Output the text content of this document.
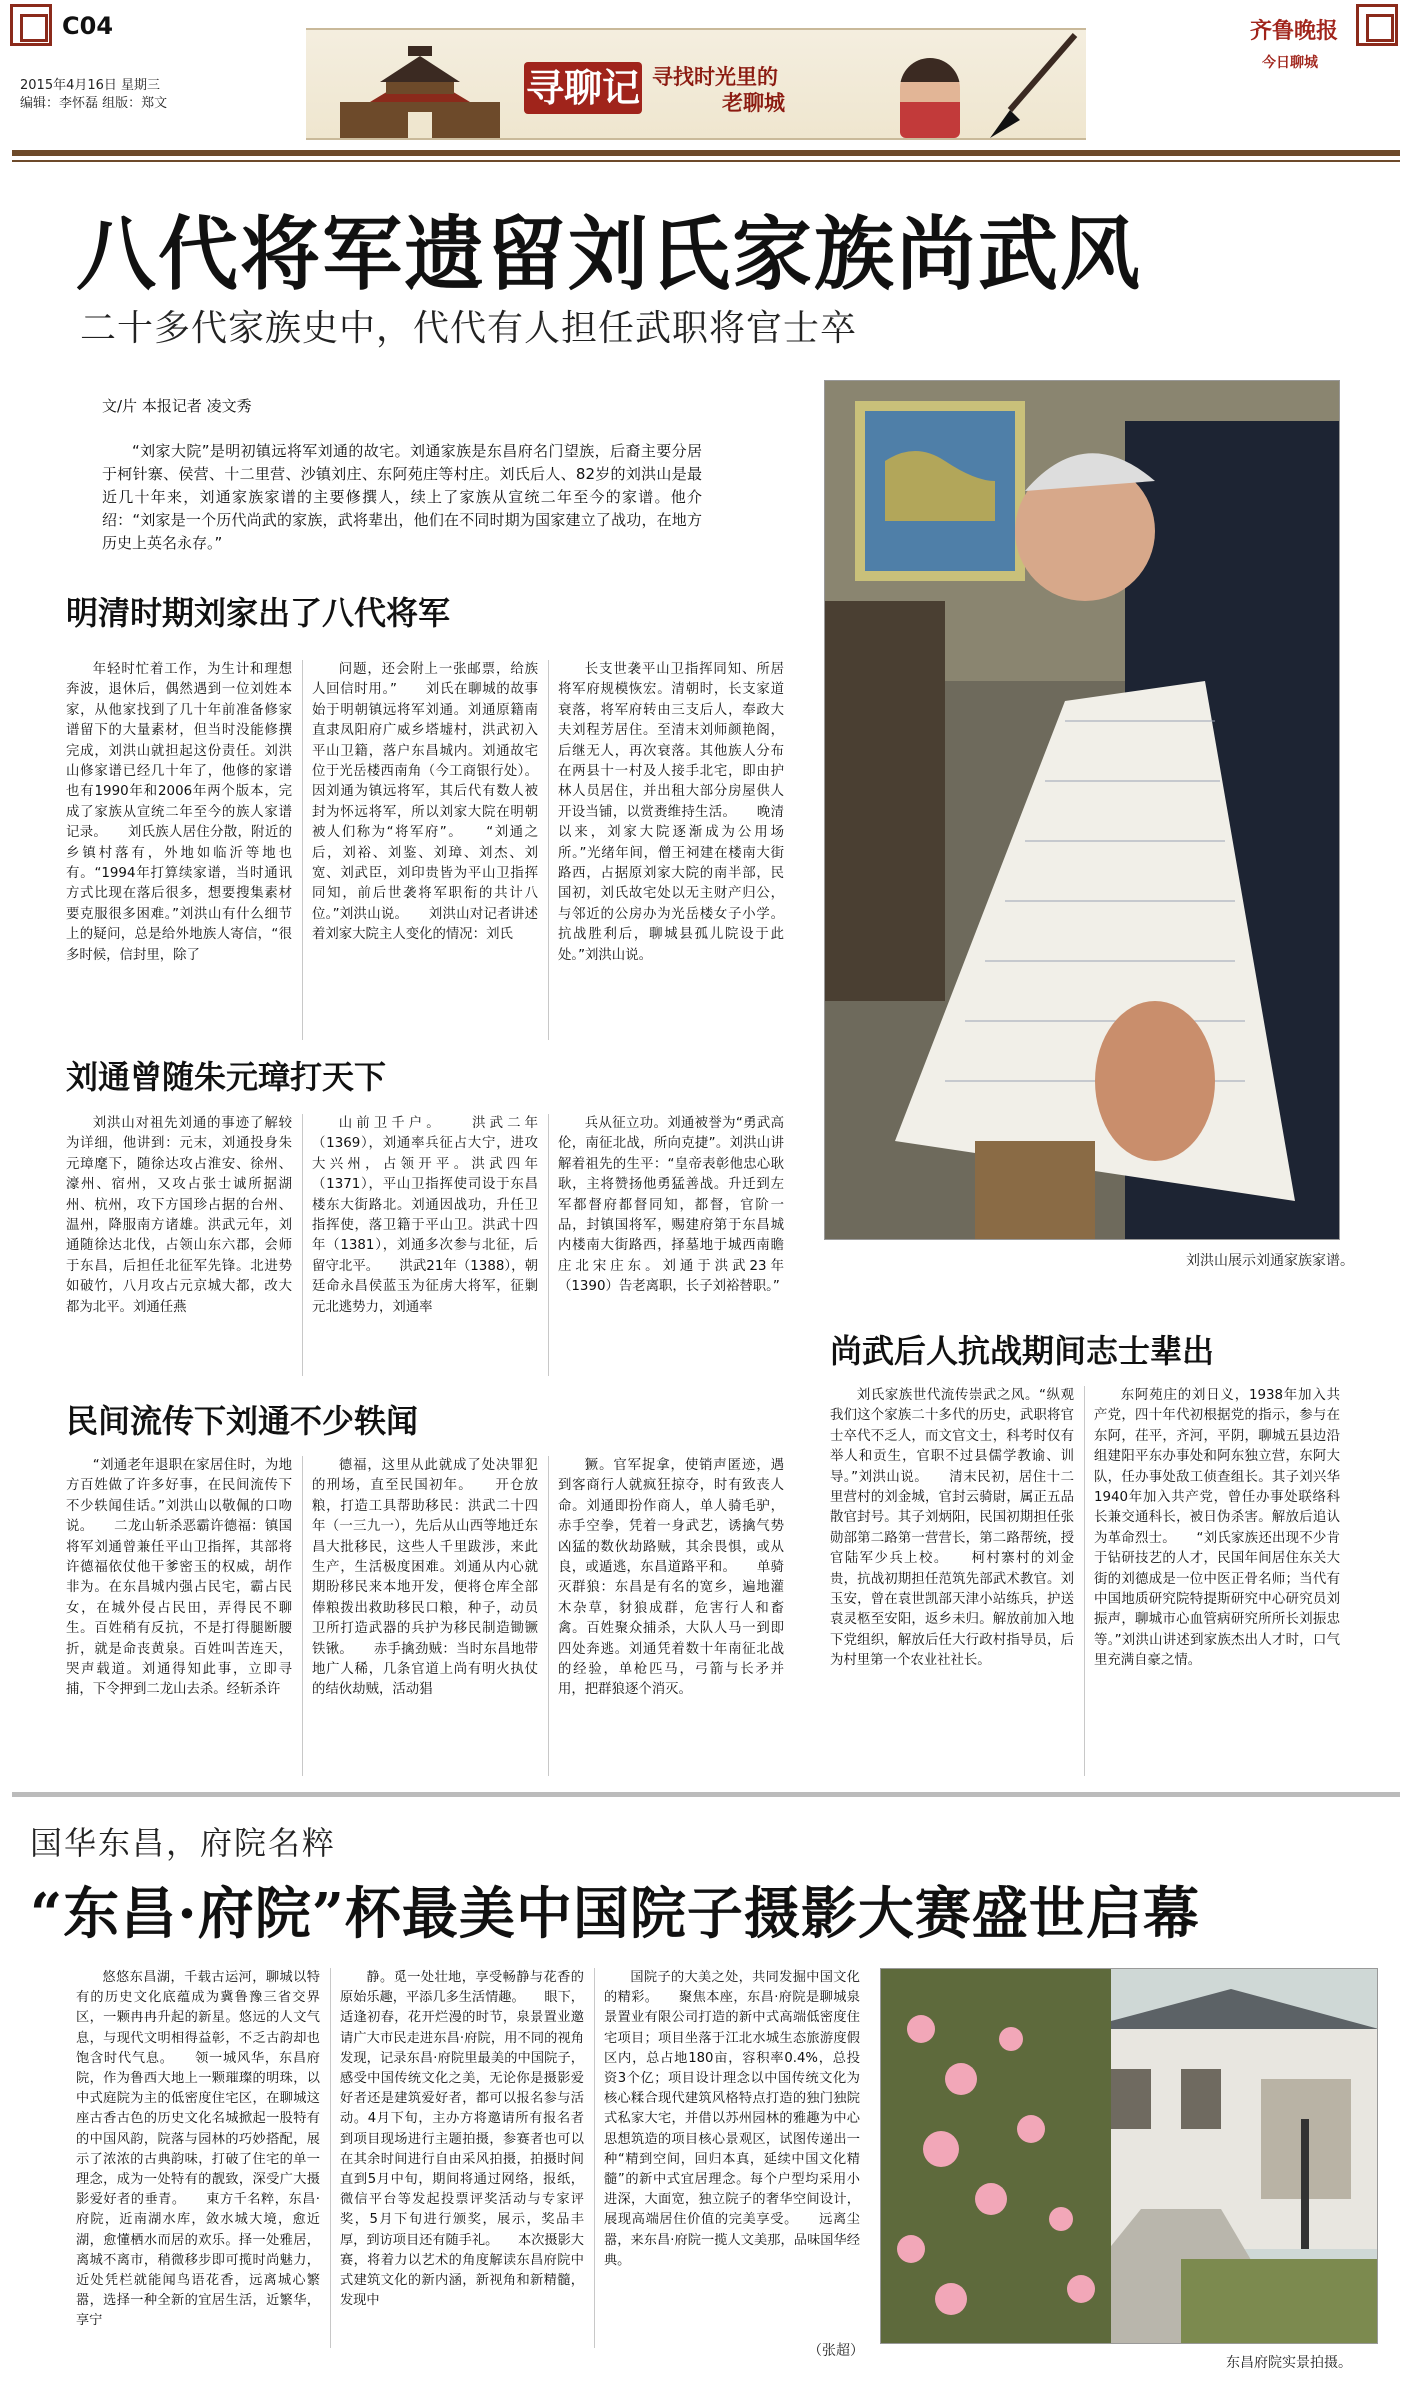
C04
2015年4月16日 星期三
编辑：李怀磊 组版：郑文	寻聊记 寻找时光里的
老聊城
齐鲁晚报
今日聊城
八代将军遗留刘氏家族尚武风
二十多代家族史中，代代有人担任武职将官士卒
文/片 本报记者 凌文秀
“刘家大院”是明初镇远将军刘通的故宅。刘通家族是东昌府名门望族，后裔主要分居于柯针寨、侯营、十二里营、沙镇刘庄、东阿苑庄等村庄。刘氏后人、82岁的刘洪山是最近几十年来，刘通家族家谱的主要修撰人，续上了家族从宣统二年至今的家谱。他介绍：“刘家是一个历代尚武的家族，武将辈出，他们在不同时期为国家建立了战功，在地方历史上英名永存。”
刘洪山展示刘通家族家谱。
明清时期刘家出了八代将军

年轻时忙着工作，为生计和理想奔波，退休后，偶然遇到一位刘姓本家，从他家找到了几十年前准备修家谱留下的大量素材，但当时没能修撰完成，刘洪山就担起这份责任。刘洪山修家谱已经几十年了，他修的家谱也有1990年和2006年两个版本，完成了家族从宣统二年至今的族人家谱记录。　　刘氏族人居住分散，附近的乡镇村落有，外地如临沂等地也有。“1994年打算续家谱，当时通讯方式比现在落后很多，想要搜集素材要克服很多困难。”刘洪山有什么细节上的疑问，总是给外地族人寄信，“很多时候，信封里，除了

问题，还会附上一张邮票，给族人回信时用。”　　刘氏在聊城的故事始于明朝镇远将军刘通。刘通原籍南直隶凤阳府广威乡塔墟村，洪武初入平山卫籍，落户东昌城内。刘通故宅位于光岳楼西南角（今工商银行处）。因刘通为镇远将军，其后代有数人被封为怀远将军，所以刘家大院在明朝被人们称为“将军府”。　　“刘通之后，刘裕、刘鉴、刘璋、刘杰、刘宽、刘武臣，刘印贵皆为平山卫指挥同知，前后世袭将军职衔的共计八位。”刘洪山说。　　刘洪山对记者讲述着刘家大院主人变化的情况：刘氏

长支世袭平山卫指挥同知、所居将军府规模恢宏。清朝时，长支家道衰落，将军府转由三支后人，奉政大夫刘程芳居住。至清末刘师颜艳阁，后继无人，再次衰落。其他族人分布在两县十一村及人接手北宅，即由护林人员居住，并出租大部分房屋供人开设当铺，以赏赉维持生活。　　晚清以来，刘家大院逐渐成为公用场所。”光绪年间，僧王祠建在楼南大街路西，占据原刘家大院的南半部，民国初，刘氏故宅处以无主财产归公，与邻近的公房办为光岳楼女子小学。抗战胜利后，聊城县孤儿院设于此处。”刘洪山说。

刘通曾随朱元璋打天下

刘洪山对祖先刘通的事迹了解较为详细，他讲到：元末，刘通投身朱元璋麾下，随徐达攻占淮安、徐州、濠州、宿州，又攻占张士诚所据湖州、杭州，攻下方国珍占据的台州、温州，降服南方诸雄。洪武元年，刘通随徐达北伐，占领山东六郡，会师于东昌，后担任北征军先锋。北进势如破竹，八月攻占元京城大都，改大都为北平。刘通任燕

山前卫千户。　　洪武二年（1369），刘通率兵征占大宁，进攻大兴州，占领开平。洪武四年（1371），平山卫指挥使司设于东昌楼东大街路北。刘通因战功，升任卫指挥使，落卫籍于平山卫。洪武十四年（1381），刘通多次参与北征，后留守北平。　　洪武21年（1388），朝廷命永昌侯蓝玉为征虏大将军，征剿元北逃势力，刘通率

兵从征立功。刘通被誉为“勇武高伦，南征北战，所向克捷”。刘洪山讲解着祖先的生平：“皇帝表彰他忠心耿耿，主将赞扬他勇猛善战。升迁到左军都督府都督同知，都督，官阶一品，封镇国将军，赐建府第于东昌城内楼南大街路西，择墓地于城西南瞻庄北宋庄东。刘通于洪武23年（1390）告老离职，长子刘裕替职。”

民间流传下刘通不少轶闻

“刘通老年退职在家居住时，为地方百姓做了许多好事，在民间流传下不少轶闻佳话。”刘洪山以敬佩的口吻说。　　二龙山斩杀恶霸许德福：镇国将军刘通曾兼任平山卫指挥，其部将许德福依仗他干爹密玉的权威，胡作非为。在东昌城内强占民宅，霸占民女，在城外侵占民田，弄得民不聊生。百姓稍有反抗，不是打得腿断腰折，就是命丧黄泉。百姓叫苦连天，哭声载道。刘通得知此事，立即寻捕，下令押到二龙山去杀。经斩杀许

德福，这里从此就成了处决罪犯的刑场，直至民国初年。　　开仓放粮，打造工具帮助移民：洪武二十四年（一三九一），先后从山西等地迁东昌大批移民，这些人千里跋涉，来此生产，生活极度困难。刘通从内心就期盼移民来本地开发，便将仓库全部俸粮拨出救助移民口粮，种子，动员卫所打造武器的兵护为移民制造锄镢铁锹。　　赤手擒劲贼：当时东昌地带地广人稀，几条官道上尚有明火执仗的结伙劫贼，活动猖

獗。官军捉拿，使销声匿迹，遇到客商行人就疯狂掠夺，时有致丧人命。刘通即扮作商人，单人骑毛驴，赤手空拳，凭着一身武艺，诱擒气势凶猛的数伙劫路贼，其余畏惧，或从良，或遁逃，东昌道路平和。　　单骑灭群狼：东昌是有名的宽乡，遍地灌木杂草，豺狼成群，危害行人和畜禽。百姓聚众捕杀，大队人马一到即四处奔逃。刘通凭着数十年南征北战的经验，单枪匹马，弓箭与长矛并用，把群狼逐个消灭。

尚武后人抗战期间志士辈出

刘氏家族世代流传崇武之风。“纵观我们这个家族二十多代的历史，武职将官士卒代不乏人，而文官文士，科考时仅有举人和贡生，官职不过县儒学教谕、训导。”刘洪山说。　　清末民初，居住十二里营村的刘金城，官封云骑尉，属正五品散官封号。其子刘炳阳，民国初期担任张勋部第二路第一营营长，第二路帮统，授官陆军少兵上校。　　柯村寨村的刘金贵，抗战初期担任范筑先部武术教官。刘玉安，曾在袁世凯部天津小站练兵，护送袁灵柩至安阳，返乡未归。解放前加入地下党组织，解放后任大行政村指导员，后为村里第一个农业社社长。

东阿苑庄的刘日义，1938年加入共产党，四十年代初根据党的指示，参与在东阿，茌平，齐河，平阴，聊城五县边沿组建阳平东办事处和阿东独立营，东阿大队，任办事处敌工侦查组长。其子刘兴华1940年加入共产党，曾任办事处联络科长兼交通科长，被日伪杀害。解放后追认为革命烈士。　　“刘氏家族还出现不少肯于钻研技艺的人才，民国年间居住东关大街的刘德成是一位中医正骨名师；当代有中国地质研究院特提斯研究中心研究员刘振声，聊城市心血管病研究所所长刘振忠等。”刘洪山讲述到家族杰出人才时，口气里充满自豪之情。

国华东昌，府院名粹
“东昌·府院”杯最美中国院子摄影大赛盛世启幕

悠悠东昌湖，千载古运河，聊城以特有的历史文化底蕴成为冀鲁豫三省交界区，一颗冉冉升起的新星。悠远的人文气息，与现代文明相得益彰，不乏古韵却也饱含时代气息。　　领一城风华，东昌府院，作为鲁西大地上一颗璀璨的明珠，以中式庭院为主的低密度住宅区，在聊城这座古香古色的历史文化名城掀起一股特有的中国风韵，院落与园林的巧妙搭配，展示了浓浓的古典韵味，打破了住宅的单一理念，成为一处特有的靓致，深受广大摄影爱好者的垂青。　　東方千名粹，东昌·府院，近南湖水库，敛水城大境，愈近湖，愈懂栖水而居的欢乐。择一处雅居，离城不离市，稍微移步即可揽时尚魅力，近处凭栏就能闻鸟语花香，远离城心繁嚣，选择一种全新的宜居生活，近繁华，享宁

静。觅一处壮地，享受畅静与花香的原始乐趣，平添几多生活情趣。　　眼下，适逢初春，花开烂漫的时节，泉景置业邀请广大市民走进东昌·府院，用不同的视角发现，记录东昌·府院里最美的中国院子，感受中国传统文化之美，无论你是摄影爱好者还是建筑爱好者，都可以报名参与活动。4月下旬，主办方将邀请所有报名者到项目现场进行主题拍摄，参赛者也可以在其余时间进行自由采风拍摄，拍摄时间直到5月中旬，期间将通过网络，报纸，微信平台等发起投票评奖活动与专家评奖，5月下旬进行颁奖，展示，奖品丰厚，到访项目还有随手礼。　　本次摄影大赛，将着力以艺术的角度解读东昌府院中式建筑文化的新内涵，新视角和新精髓，发现中

国院子的大美之处，共同发掘中国文化的精彩。　　聚焦本座，东昌·府院是聊城泉景置业有限公司打造的新中式高端低密度住宅项目；项目坐落于江北水城生态旅游度假区内，总占地180亩，容积率0.4%，总投资3个亿；项目设计理念以中国传统文化为核心糅合现代建筑风格特点打造的独门独院式私家大宅，并借以苏州园林的雅趣为中心思想筑造的项目核心景观区，试图传递出一种“精到空间，回归本真，延续中国文化精髓”的新中式宜居理念。每个户型均采用小进深，大面宽，独立院子的奢华空间设计，展现高端居住价值的完美享受。　　远离尘嚣，来东昌·府院一揽人文美那，品味国华经典。

（张超）
东昌府院实景拍摄。
